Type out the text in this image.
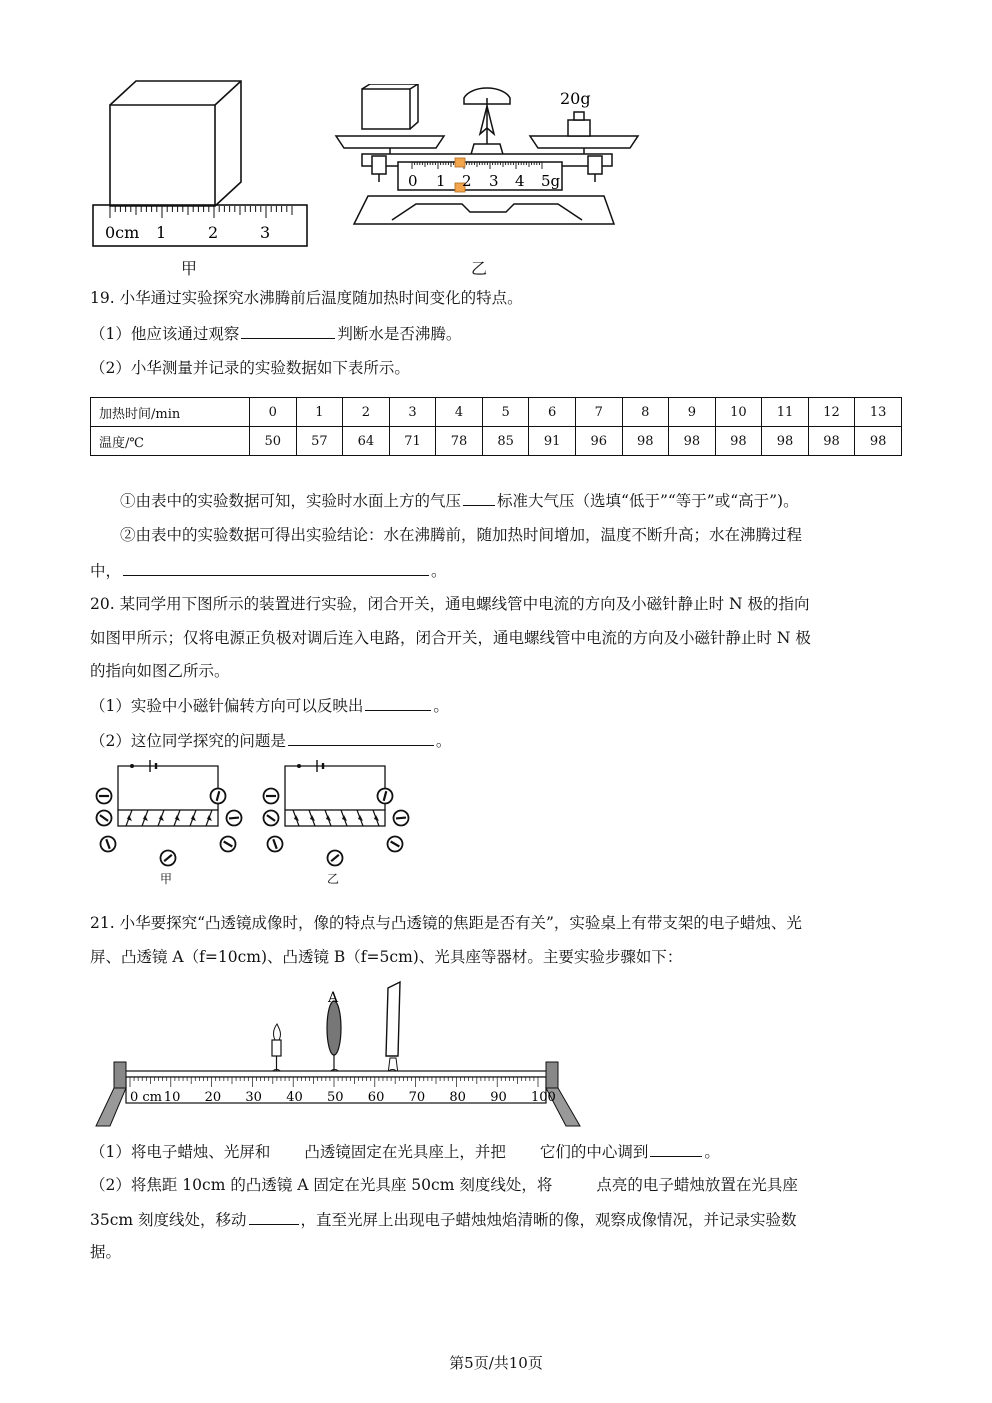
0cm 1	2	3
甲
20g
0 1 2 3 4 5g
乙
19. 小华通过实验探究水沸腾前后温度随加热时间变化的特点。
（1）他应该通过观察	判断水是否沸腾。
（2）小华测量并记录的实验数据如下表所示。
加热时间/min	0	1	2	3	4	5	6	7	8	9	10	11	12	13
温度/℃	50	57	64	71	78	85	91	96	98	98	98	98	98	98
①由表中的实验数据可知，实验时水面上方的气压 标准大气压（选填“低于”“等于”或“高于”)。
②由表中的实验数据可得出实验结论：水在沸腾前，随加热时间增加，温度不断升高；水在沸腾过程
中，	。
20. 某同学用下图所示的装置进行实验，闭合开关，通电螺线管中电流的方向及小磁针静止时 N 极的指向
如图甲所示；仅将电源正负极对调后连入电路，闭合开关，通电螺线管中电流的方向及小磁针静止时 N 极
的指向如图乙所示。
（1）实验中小磁针偏转方向可以反映出	。
（2）这位同学探究的问题是	。
甲	乙
21. 小华要探究“凸透镜成像时，像的特点与凸透镜的焦距是否有关”，实验桌上有带支架的电子蜡烛、光
屏、凸透镜 A（f=10cm)、凸透镜 B（f=5cm)、光具座等器材。主要实验步骤如下：
A
0 cm 10 20 30 40 50 60 70 80 90 100
（1）将电子蜡烛、光屏和 凸透镜固定在光具座上，并把 它们的中心调到	。
（2）将焦距 10cm 的凸透镜 A 固定在光具座 50cm 刻度线处，将	点亮的电子蜡烛放置在光具座
35cm 刻度线处，移动	，直至光屏上出现电子蜡烛烛焰清晰的像，观察成像情况，并记录实验数
据。
第5页/共10页
